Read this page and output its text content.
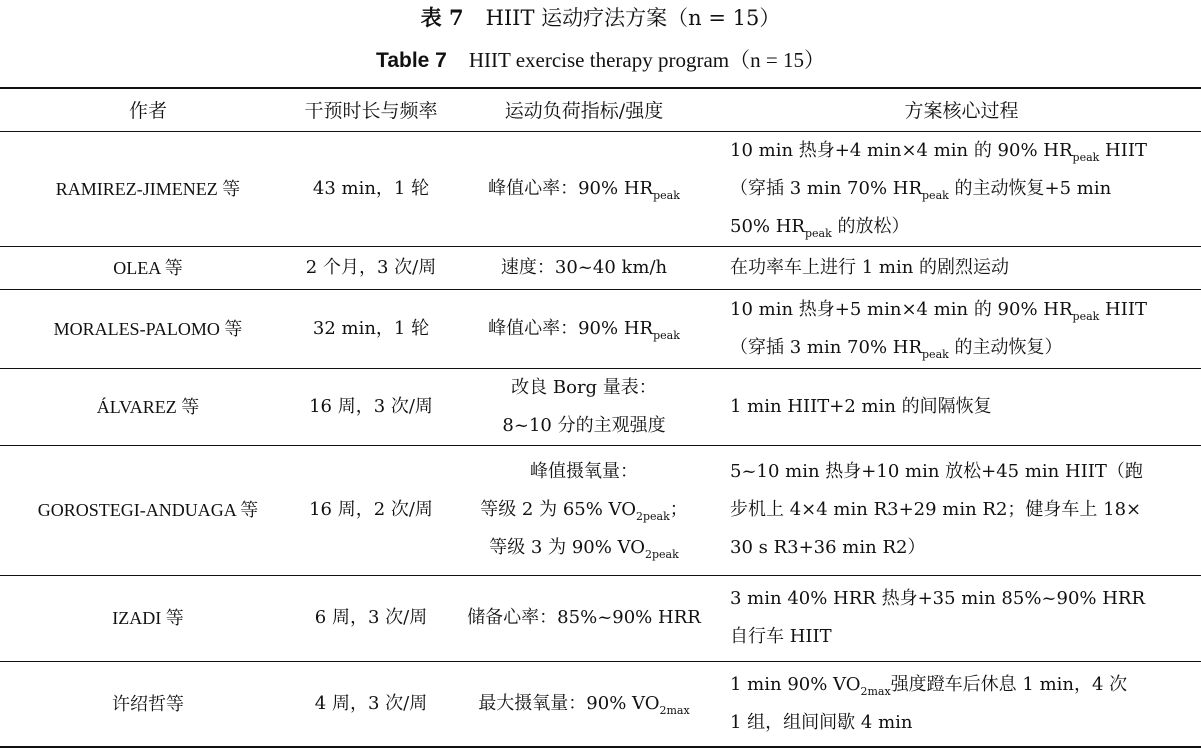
表 7 HIIT 运动疗法方案（n = 15）
Table 7 HIIT exercise therapy program（n = 15）
作者	干预时长与频率	运动负荷指标/强度	方案核心过程
RAMIREZ-JIMENEZ 等	43 min，1 轮	峰值心率：90% $HR_{peak}$	10 min 热身+4 min×4 min 的 90% $HR_{peak}$ HIIT
（穿插 3 min 70% $HR_{peak}$ 的主动恢复+5 min
50% $HR_{peak}$ 的放松）

OLEA 等	2 个月，3 次/周	速度：30~40 km/h	在功率车上进行 1 min 的剧烈运动

MORALES-PALOMO 等	32 min，1 轮	峰值心率：90% $HR_{peak}$	10 min 热身+5 min×4 min 的 90% $HR_{peak}$ HIIT
（穿插 3 min 70% $HR_{peak}$ 的主动恢复）

ÁLVAREZ 等	16 周，3 次/周	改良 Borg 量表：
8~10 分的主观强度	1 min HIIT+2 min 的间隔恢复

GOROSTEGI-ANDUAGA 等	16 周，2 次/周	峰值摄氧量：
等级 2 为 65% $VO_{2peak}$；
等级 3 为 90% $VO_{2peak}$	5~10 min 热身+10 min 放松+45 min HIIT（跑
步机上 4×4 min R3+29 min R2；健身车上 18×
30 s R3+36 min R2）

IZADI 等	6 周，3 次/周	储备心率：85%~90% HRR	3 min 40% HRR 热身+35 min 85%~90% HRR
自行车 HIIT

许绍哲等	4 周，3 次/周	最大摄氧量：90% $VO_{2max}$	1 min 90% $VO_{2max}$强度蹬车后休息 1 min，4 次
1 组，组间间歇 4 min
